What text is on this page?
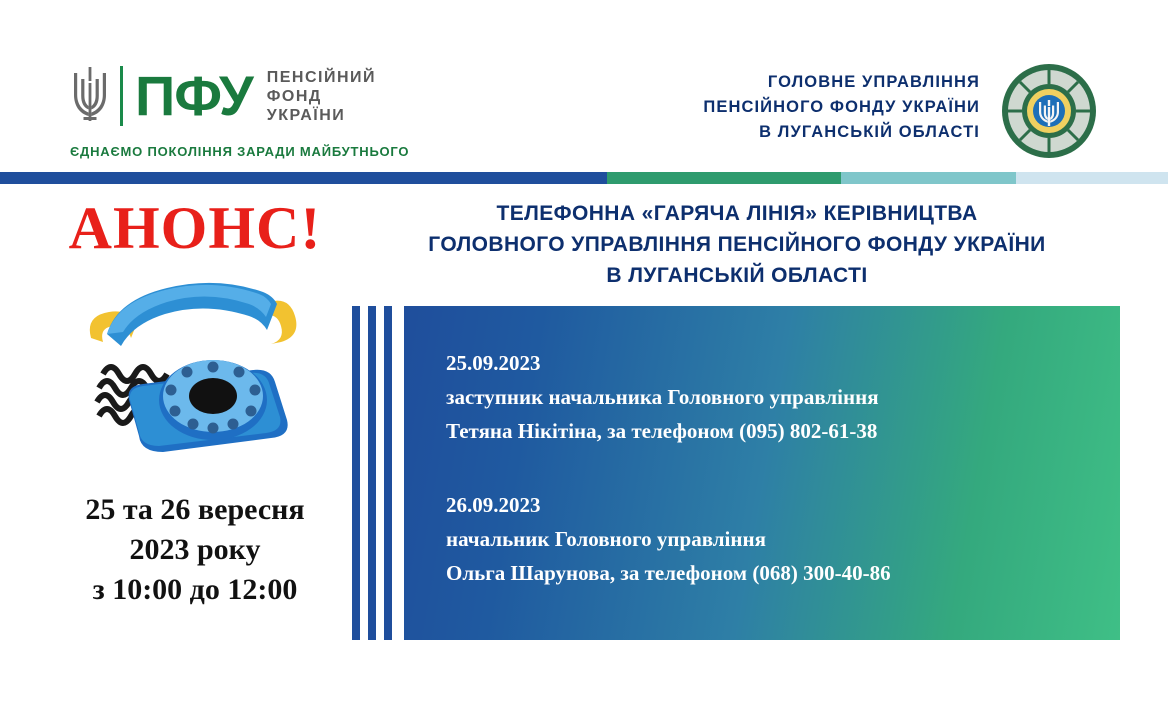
ПФУ ПЕНСІЙНИЙ
ФОНД
УКРАЇНИ
ЄДНАЄМО ПОКОЛІННЯ ЗАРАДИ МАЙБУТНЬОГО
ГОЛОВНЕ УПРАВЛІННЯ
ПЕНСІЙНОГО ФОНДУ УКРАЇНИ
В ЛУГАНСЬКІЙ ОБЛАСТІ
АНОНС!
25 та 26 вересня
2023 року
з 10:00 до 12:00
ТЕЛЕФОННА «ГАРЯЧА ЛІНІЯ» КЕРІВНИЦТВА
ГОЛОВНОГО УПРАВЛІННЯ ПЕНСІЙНОГО ФОНДУ УКРАЇНИ
В ЛУГАНСЬКІЙ ОБЛАСТІ
25.09.2023
заступник начальника Головного управління
Тетяна Нікітіна, за телефоном (095) 802-61-38
26.09.2023
начальник Головного управління
Ольга Шарунова, за телефоном (068) 300-40-86
